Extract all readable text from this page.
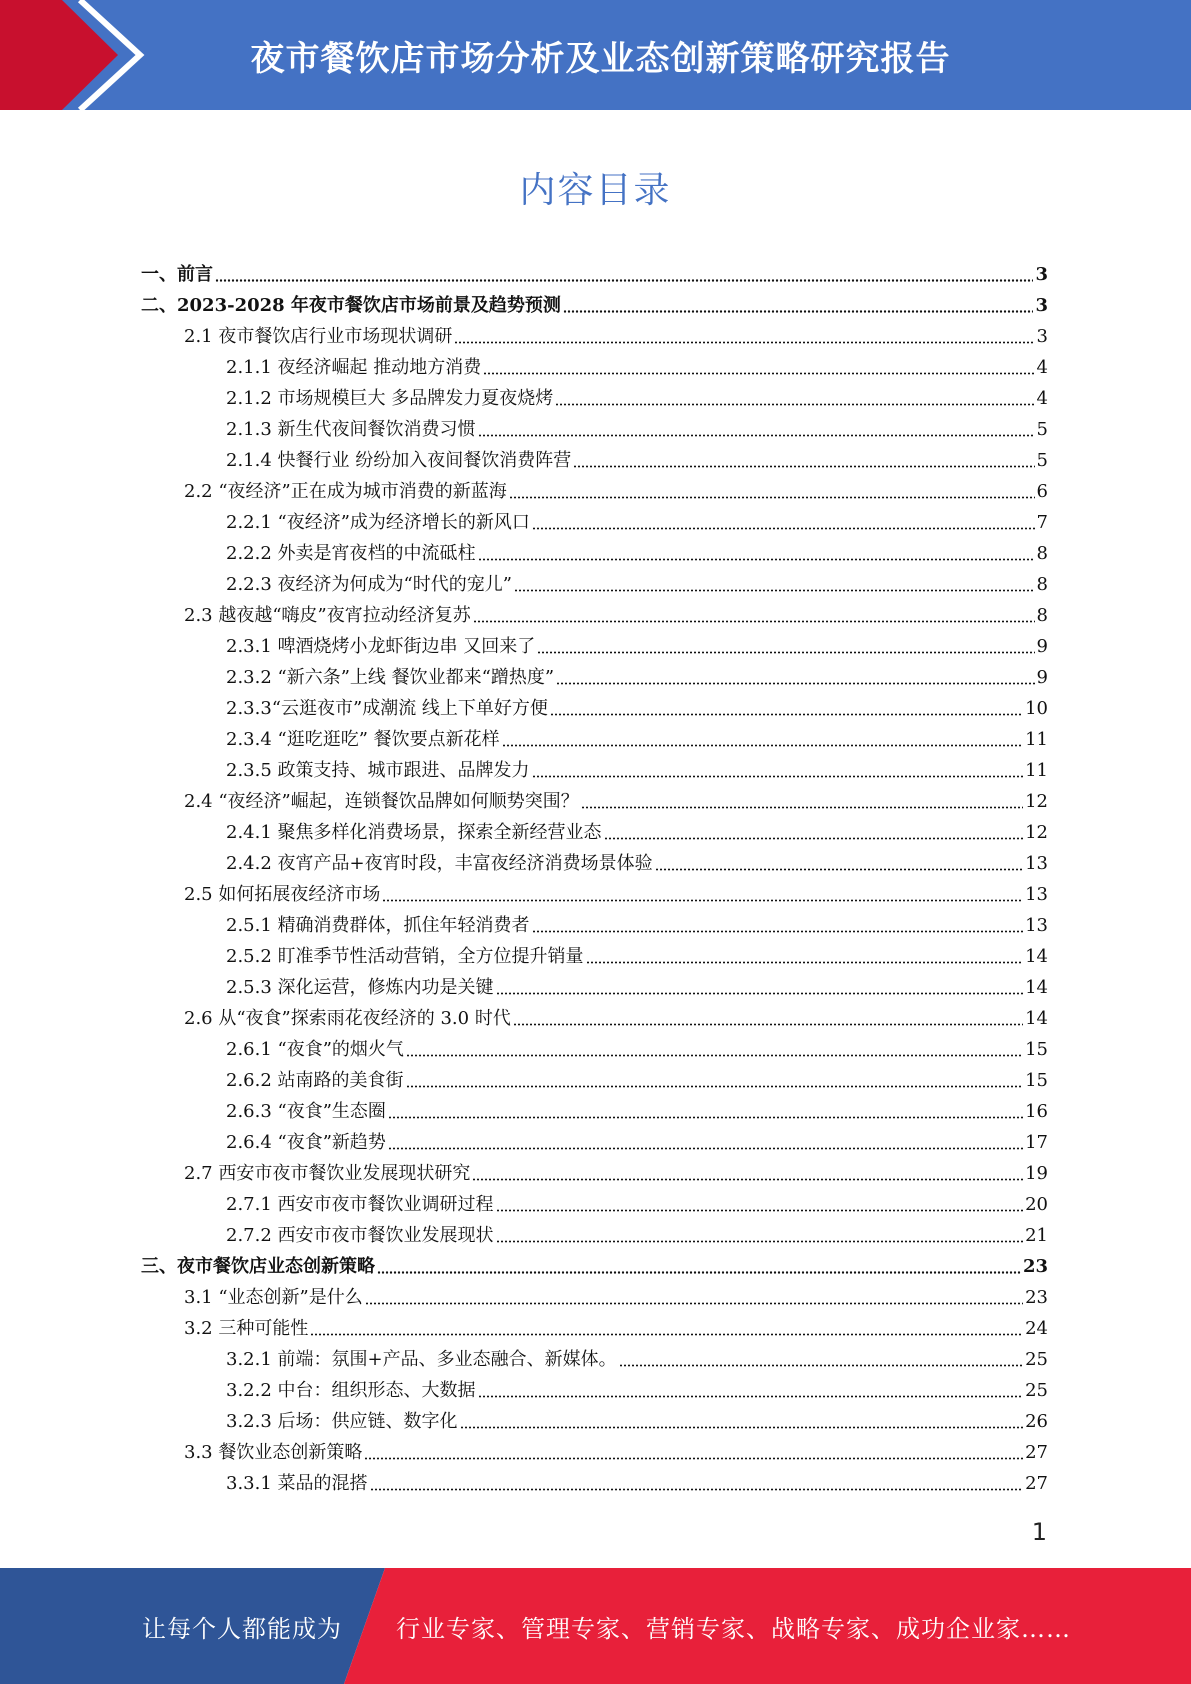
夜市餐饮店市场分析及业态创新策略研究报告
内容目录
一、前言	3
二、2023-2028 年夜市餐饮店市场前景及趋势预测	3
2.1 夜市餐饮店行业市场现状调研	3
2.1.1 夜经济崛起 推动地方消费	4
2.1.2 市场规模巨大 多品牌发力夏夜烧烤	4
2.1.3 新生代夜间餐饮消费习惯	5
2.1.4 快餐行业 纷纷加入夜间餐饮消费阵营	5
2.2 “夜经济”正在成为城市消费的新蓝海	6
2.2.1 “夜经济”成为经济增长的新风口	7
2.2.2 外卖是宵夜档的中流砥柱	8
2.2.3 夜经济为何成为“时代的宠儿”	8
2.3 越夜越“嗨皮”夜宵拉动经济复苏	8
2.3.1 啤酒烧烤小龙虾街边串 又回来了	9
2.3.2 “新六条”上线 餐饮业都来“蹭热度”	9
2.3.3“云逛夜市”成潮流 线上下单好方便	10
2.3.4 “逛吃逛吃” 餐饮要点新花样	11
2.3.5 政策支持、城市跟进、品牌发力	11
2.4 “夜经济”崛起，连锁餐饮品牌如何顺势突围？	12
2.4.1 聚焦多样化消费场景，探索全新经营业态	12
2.4.2 夜宵产品+夜宵时段，丰富夜经济消费场景体验	13
2.5 如何拓展夜经济市场	13
2.5.1 精确消费群体，抓住年轻消费者	13
2.5.2 盯准季节性活动营销，全方位提升销量	14
2.5.3 深化运营，修炼内功是关键	14
2.6 从“夜食”探索雨花夜经济的 3.0 时代	14
2.6.1 “夜食”的烟火气	15
2.6.2 站南路的美食街	15
2.6.3 “夜食”生态圈	16
2.6.4 “夜食”新趋势	17
2.7 西安市夜市餐饮业发展现状研究	19
2.7.1 西安市夜市餐饮业调研过程	20
2.7.2 西安市夜市餐饮业发展现状	21
三、夜市餐饮店业态创新策略	23
3.1 “业态创新”是什么	23
3.2 三种可能性	24
3.2.1 前端：氛围+产品、多业态融合、新媒体。	25
3.2.2 中台：组织形态、大数据	25
3.2.3 后场：供应链、数字化	26
3.3 餐饮业态创新策略	27
3.3.1 菜品的混搭	27
1
让每个人都能成为 行业专家、管理专家、营销专家、战略专家、成功企业家……
